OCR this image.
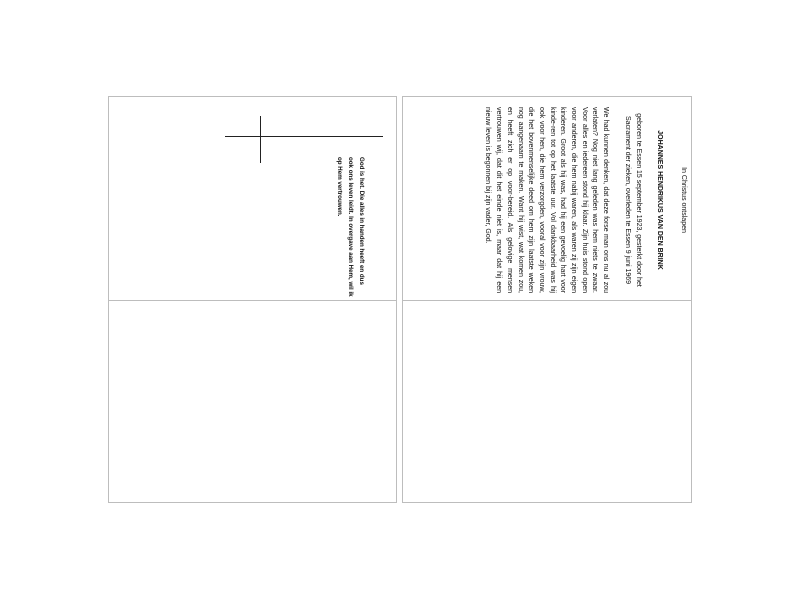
God is het. Die alles in handen heeft en dus ook ons leven leidt. In overgave aan Hem, wil ik op Hem vertrouwen.	In Christus ontslapen

JOHANNES HENDRIKUS VAN DEN BRINK

geboren te Essen 15 september 1923, gesterkt door het Sacrament der zieken, overleden te Essen 9 juni 1969

We had kunnen denken, dat deze forse man ons nu al zou verlaten? Nog niet lang geleden was hem niets te zwaar. Voor alles en iedereen stond hij klaar. Zijn huis stond open voor anderen, die hem nabij waren, als waren zij zijn eigen kinderen. Groot als hij was, had hij een gevoelig hart voor kinde-ren tot op het laatste uur. Vol dankbaarheid was hij ook voor hen, die hem verzorgden, vooral voor zijn vrouw, die het bovenmenselijke deed om hem zijn laatste weken nog aangenaam te maken. Want hij wist, wat komen zou, en heeft zich er op voor-bereid. Als gelovige mensen vertrouwen wij, dat dit het einde niet is, maar dat hij een nieuw leven is begonnen bij zijn vader, God.
